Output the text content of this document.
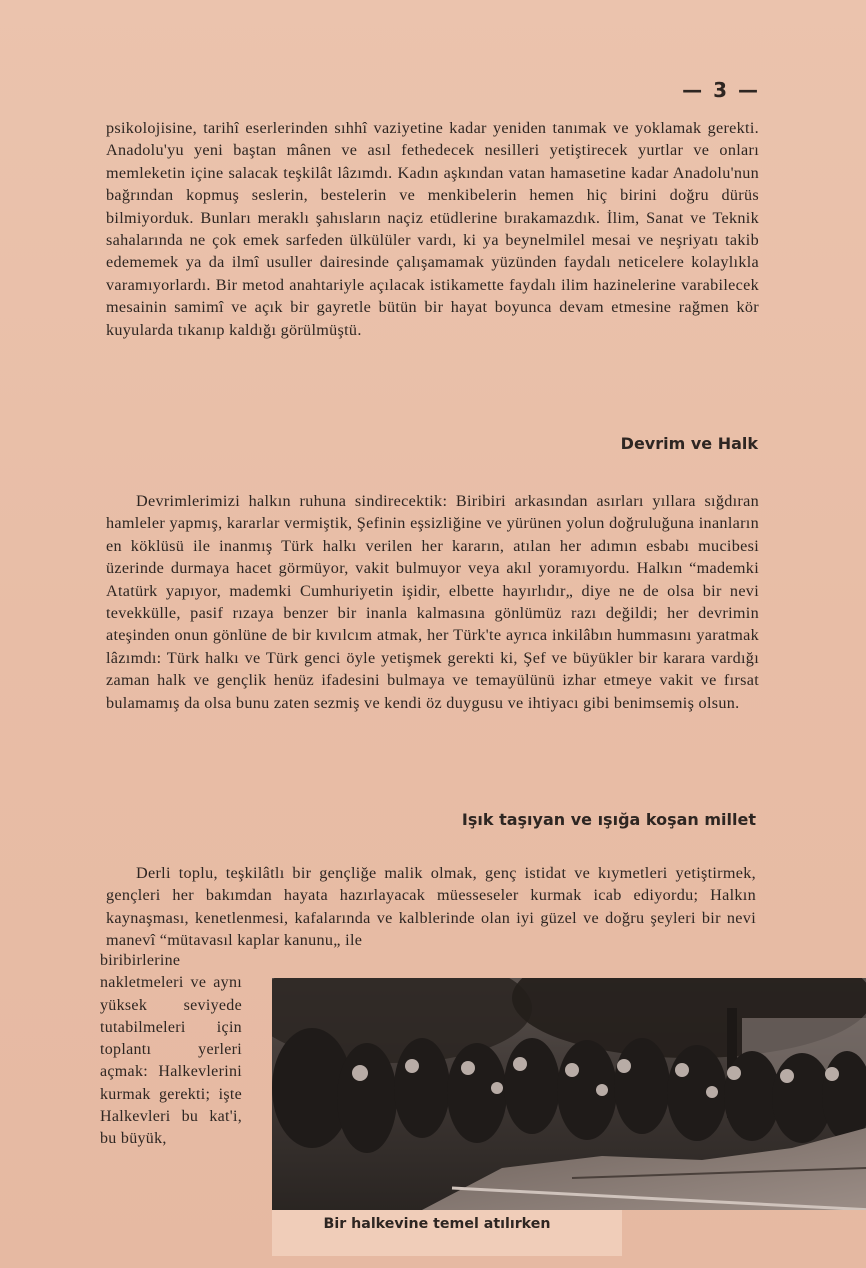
— 3 —

psikolojisine, tarihî eserlerinden sıhhî vaziyetine kadar yeniden tanımak ve yoklamak gerekti. Anadolu'yu yeni baştan mânen ve asıl fethedecek nesilleri yetiştirecek yurtlar ve onları memleketin içine salacak teşkilât lâzımdı. Kadın aşkından vatan hamasetine kadar Anadolu'nun bağrından kopmuş seslerin, bestelerin ve menkibelerin hemen hiç birini doğru dürüs bilmiyorduk. Bunları meraklı şahısların naçiz etüdlerine bırakamazdık. İlim, Sanat ve Teknik sahalarında ne çok emek sarfeden ülkülüler vardı, ki ya beynelmilel mesai ve neşriyatı takib edememek ya da ilmî usuller dairesinde çalışamamak yüzünden faydalı neticelere kolaylıkla varamıyorlardı. Bir metod anahtariyle açılacak istikamette faydalı ilim hazinelerine varabilecek mesainin samimî ve açık bir gayretle bütün bir hayat boyunca devam etmesine rağmen kör kuyularda tıkanıp kaldığı görülmüştü.

Devrim ve Halk

Devrimlerimizi halkın ruhuna sindirecektik: Biribiri arkasından asırları yıllara sığdıran hamleler yapmış, kararlar vermiştik, Şefinin eşsizliğine ve yürünen yolun doğruluğuna inanların en köklüsü ile inanmış Türk halkı verilen her kararın, atılan her adımın esbabı mucibesi üzerinde durmaya hacet görmüyor, vakit bulmuyor veya akıl yoramıyordu. Halkın “mademki Atatürk yapıyor, mademki Cumhuriyetin işidir, elbette hayırlıdır„ diye ne de olsa bir nevi tevekkülle, pasif rızaya benzer bir inanla kalmasına gönlümüz razı değildi; her devrimin ateşinden onun gönlüne de bir kıvılcım atmak, her Türk'te ayrıca inkilâbın hummasını yaratmak lâzımdı: Türk halkı ve Türk genci öyle yetişmek gerekti ki, Şef ve büyükler bir karara vardığı zaman halk ve gençlik henüz ifadesini bulmaya ve temayülünü izhar etmeye vakit ve fırsat bulamamış da olsa bunu zaten sezmiş ve kendi öz duygusu ve ihtiyacı gibi benimsemiş olsun.

Işık taşıyan ve ışığa koşan millet

Derli toplu, teşkilâtlı bir gençliğe malik olmak, genç istidat ve kıymetleri yetiştirmek, gençleri her bakımdan hayata hazırlayacak müesseseler kurmak icab ediyordu; Halkın kaynaşması, kenetlenmesi, kafalarında ve kalblerinde olan iyi güzel ve doğru şeyleri bir nevi manevî “mütavasıl kaplar kanunu„ ile

biribirlerine nakletmeleri ve aynı yüksek seviyede tutabilmeleri için toplantı yerleri açmak: Halkevlerini kurmak gerekti; işte Halkevleri bu kat'i, bu büyük,
Bir halkevine temel atılırken
